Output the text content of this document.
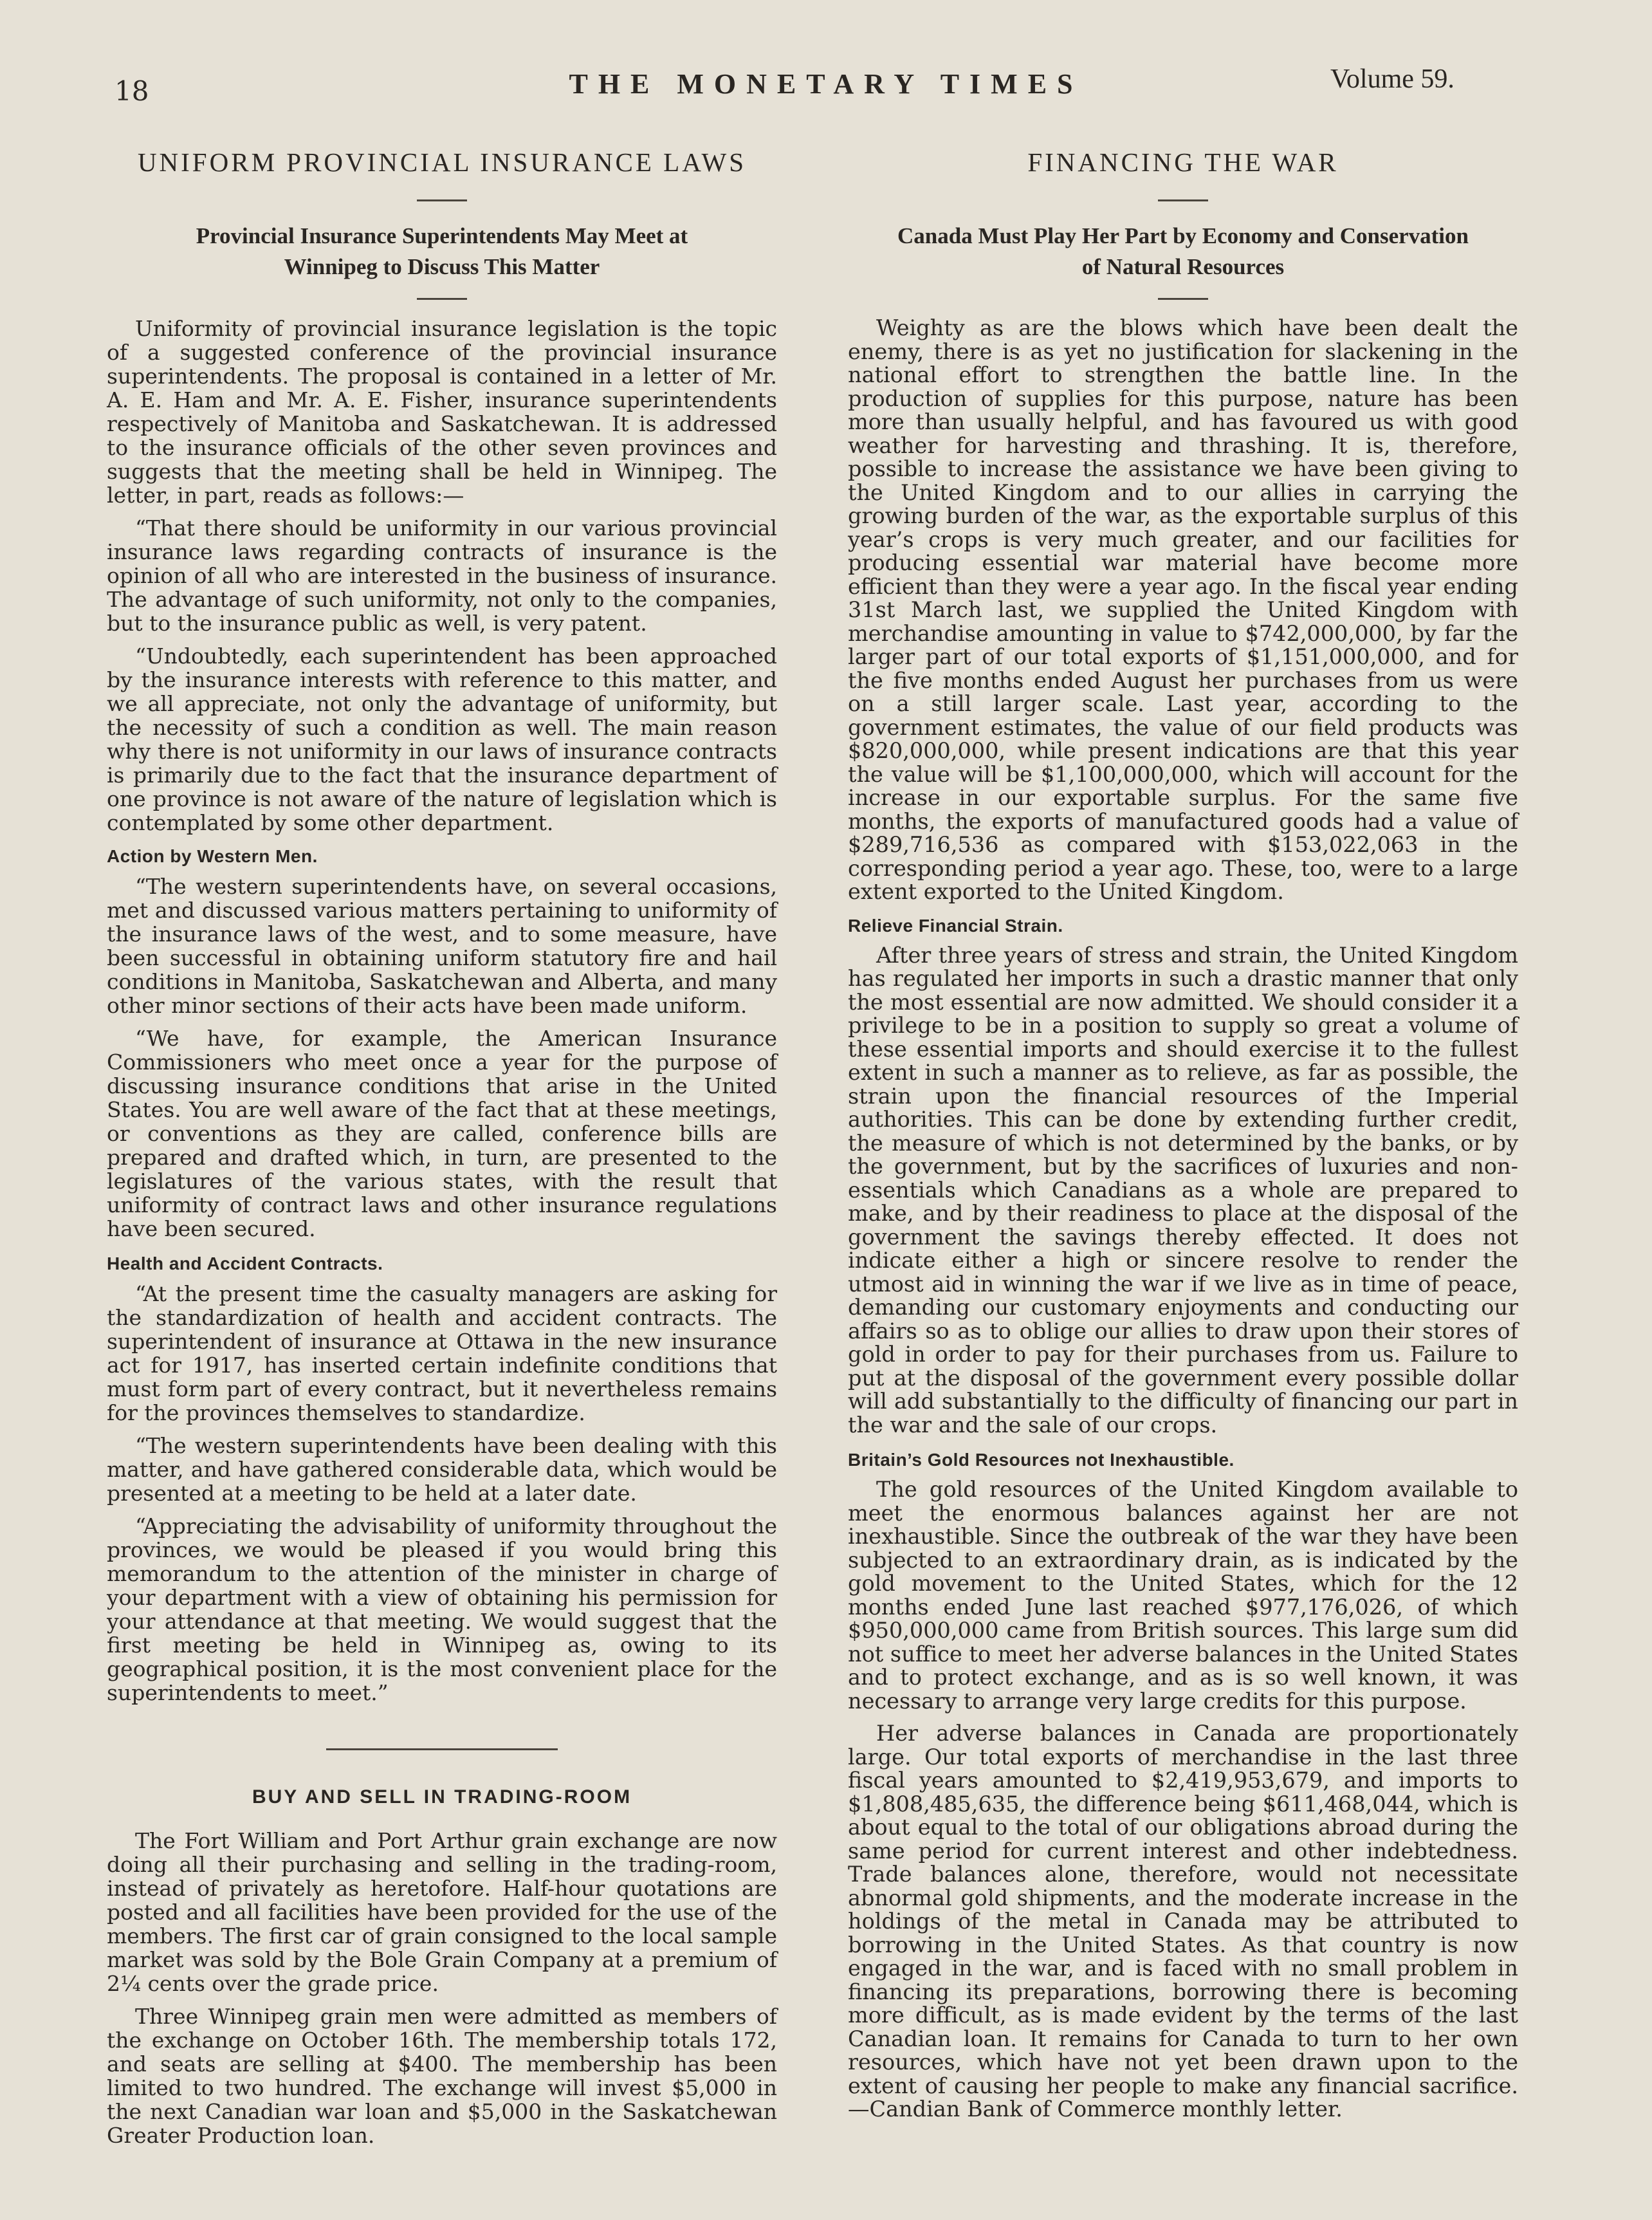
18	THE MONETARY TIMES	Volume 59.
UNIFORM PROVINCIAL INSURANCE LAWS
Provincial Insurance Superintendents May Meet at
Winnipeg to Discuss This Matter

Uniformity of provincial insurance legislation is the topic of a suggested conference of the provincial insurance superintendents. The proposal is contained in a letter of Mr. A. E. Ham and Mr. A. E. Fisher, insurance superintendents respectively of Manitoba and Saskatchewan. It is addressed to the insurance officials of the other seven provinces and suggests that the meeting shall be held in Winnipeg. The letter, in part, reads as follows:—

“That there should be uniformity in our various provincial insurance laws regarding contracts of insurance is the opinion of all who are interested in the business of insurance. The advantage of such uniformity, not only to the companies, but to the insurance public as well, is very patent.

“Undoubtedly, each superintendent has been approached by the insurance interests with reference to this matter, and we all appreciate, not only the advantage of uniformity, but the necessity of such a condition as well. The main reason why there is not uniformity in our laws of insurance contracts is primarily due to the fact that the insurance department of one province is not aware of the nature of legislation which is contemplated by some other department.

Action by Western Men.

“The western superintendents have, on several occasions, met and discussed various matters pertaining to uniformity of the insurance laws of the west, and to some measure, have been successful in obtaining uniform statutory fire and hail conditions in Manitoba, Saskatchewan and Alberta, and many other minor sections of their acts have been made uniform.

“We have, for example, the American Insurance Commissioners who meet once a year for the purpose of discussing insurance conditions that arise in the United States. You are well aware of the fact that at these meetings, or conventions as they are called, conference bills are prepared and drafted which, in turn, are presented to the legislatures of the various states, with the result that uniformity of contract laws and other insurance regulations have been secured.

Health and Accident Contracts.

“At the present time the casualty managers are asking for the standardization of health and accident contracts. The superintendent of insurance at Ottawa in the new insurance act for 1917, has inserted certain indefinite conditions that must form part of every contract, but it nevertheless remains for the provinces themselves to standardize.

“The western superintendents have been dealing with this matter, and have gathered considerable data, which would be presented at a meeting to be held at a later date.

“Appreciating the advisability of uniformity throughout the provinces, we would be pleased if you would bring this memorandum to the attention of the minister in charge of your department with a view of obtaining his permission for your attendance at that meeting. We would suggest that the first meeting be held in Winnipeg as, owing to its geographical position, it is the most convenient place for the superintendents to meet.”

BUY AND SELL IN TRADING-ROOM

The Fort William and Port Arthur grain exchange are now doing all their purchasing and selling in the trading-room, instead of privately as heretofore. Half-hour quotations are posted and all facilities have been provided for the use of the members. The first car of grain consigned to the local sample market was sold by the Bole Grain Company at a premium of 2¼ cents over the grade price.

Three Winnipeg grain men were admitted as members of the exchange on October 16th. The membership totals 172, and seats are selling at $400. The membership has been limited to two hundred. The exchange will invest $5,000 in the next Canadian war loan and $5,000 in the Saskatchewan Greater Production loan.

FINANCING THE WAR
Canada Must Play Her Part by Economy and Conservation
of Natural Resources

Weighty as are the blows which have been dealt the enemy, there is as yet no justification for slackening in the national effort to strengthen the battle line. In the production of supplies for this purpose, nature has been more than usually helpful, and has favoured us with good weather for harvesting and thrashing. It is, therefore, possible to increase the assistance we have been giving to the United Kingdom and to our allies in carrying the growing burden of the war, as the exportable surplus of this year’s crops is very much greater, and our facilities for producing essential war material have become more efficient than they were a year ago. In the fiscal year ending 31st March last, we supplied the United Kingdom with merchandise amounting in value to $742,000,000, by far the larger part of our total exports of $1,151,000,000, and for the five months ended August her purchases from us were on a still larger scale. Last year, according to the government estimates, the value of our field products was $820,000,000, while present indications are that this year the value will be $1,100,000,000, which will account for the increase in our exportable surplus. For the same five months, the exports of manufactured goods had a value of $289,716,536 as compared with $153,022,063 in the corresponding period a year ago. These, too, were to a large extent exported to the United Kingdom.

Relieve Financial Strain.

After three years of stress and strain, the United Kingdom has regulated her imports in such a drastic manner that only the most essential are now admitted. We should consider it a privilege to be in a position to supply so great a volume of these essential imports and should exercise it to the fullest extent in such a manner as to relieve, as far as possible, the strain upon the financial resources of the Imperial authorities. This can be done by extending further credit, the measure of which is not determined by the banks, or by the government, but by the sacrifices of luxuries and non-essentials which Canadians as a whole are prepared to make, and by their readiness to place at the disposal of the government the savings thereby effected. It does not indicate either a high or sincere resolve to render the utmost aid in winning the war if we live as in time of peace, demanding our customary enjoyments and conducting our affairs so as to oblige our allies to draw upon their stores of gold in order to pay for their purchases from us. Failure to put at the disposal of the government every possible dollar will add substantially to the difficulty of financing our part in the war and the sale of our crops.

Britain’s Gold Resources not Inexhaustible.

The gold resources of the United Kingdom available to meet the enormous balances against her are not inexhaustible. Since the outbreak of the war they have been subjected to an extraordinary drain, as is indicated by the gold movement to the United States, which for the 12 months ended June last reached $977,176,026, of which $950,000,000 came from British sources. This large sum did not suffice to meet her adverse balances in the United States and to protect exchange, and as is so well known, it was necessary to arrange very large credits for this purpose.

Her adverse balances in Canada are proportionately large. Our total exports of merchandise in the last three fiscal years amounted to $2,419,953,679, and imports to $1,808,485,635, the difference being $611,468,044, which is about equal to the total of our obligations abroad during the same period for current interest and other indebtedness. Trade balances alone, therefore, would not necessitate abnormal gold shipments, and the moderate increase in the holdings of the metal in Canada may be attributed to borrowing in the United States. As that country is now engaged in the war, and is faced with no small problem in financing its preparations, borrowing there is becoming more difficult, as is made evident by the terms of the last Canadian loan. It remains for Canada to turn to her own resources, which have not yet been drawn upon to the extent of causing her people to make any financial sacrifice.—Candian Bank of Commerce monthly letter.
